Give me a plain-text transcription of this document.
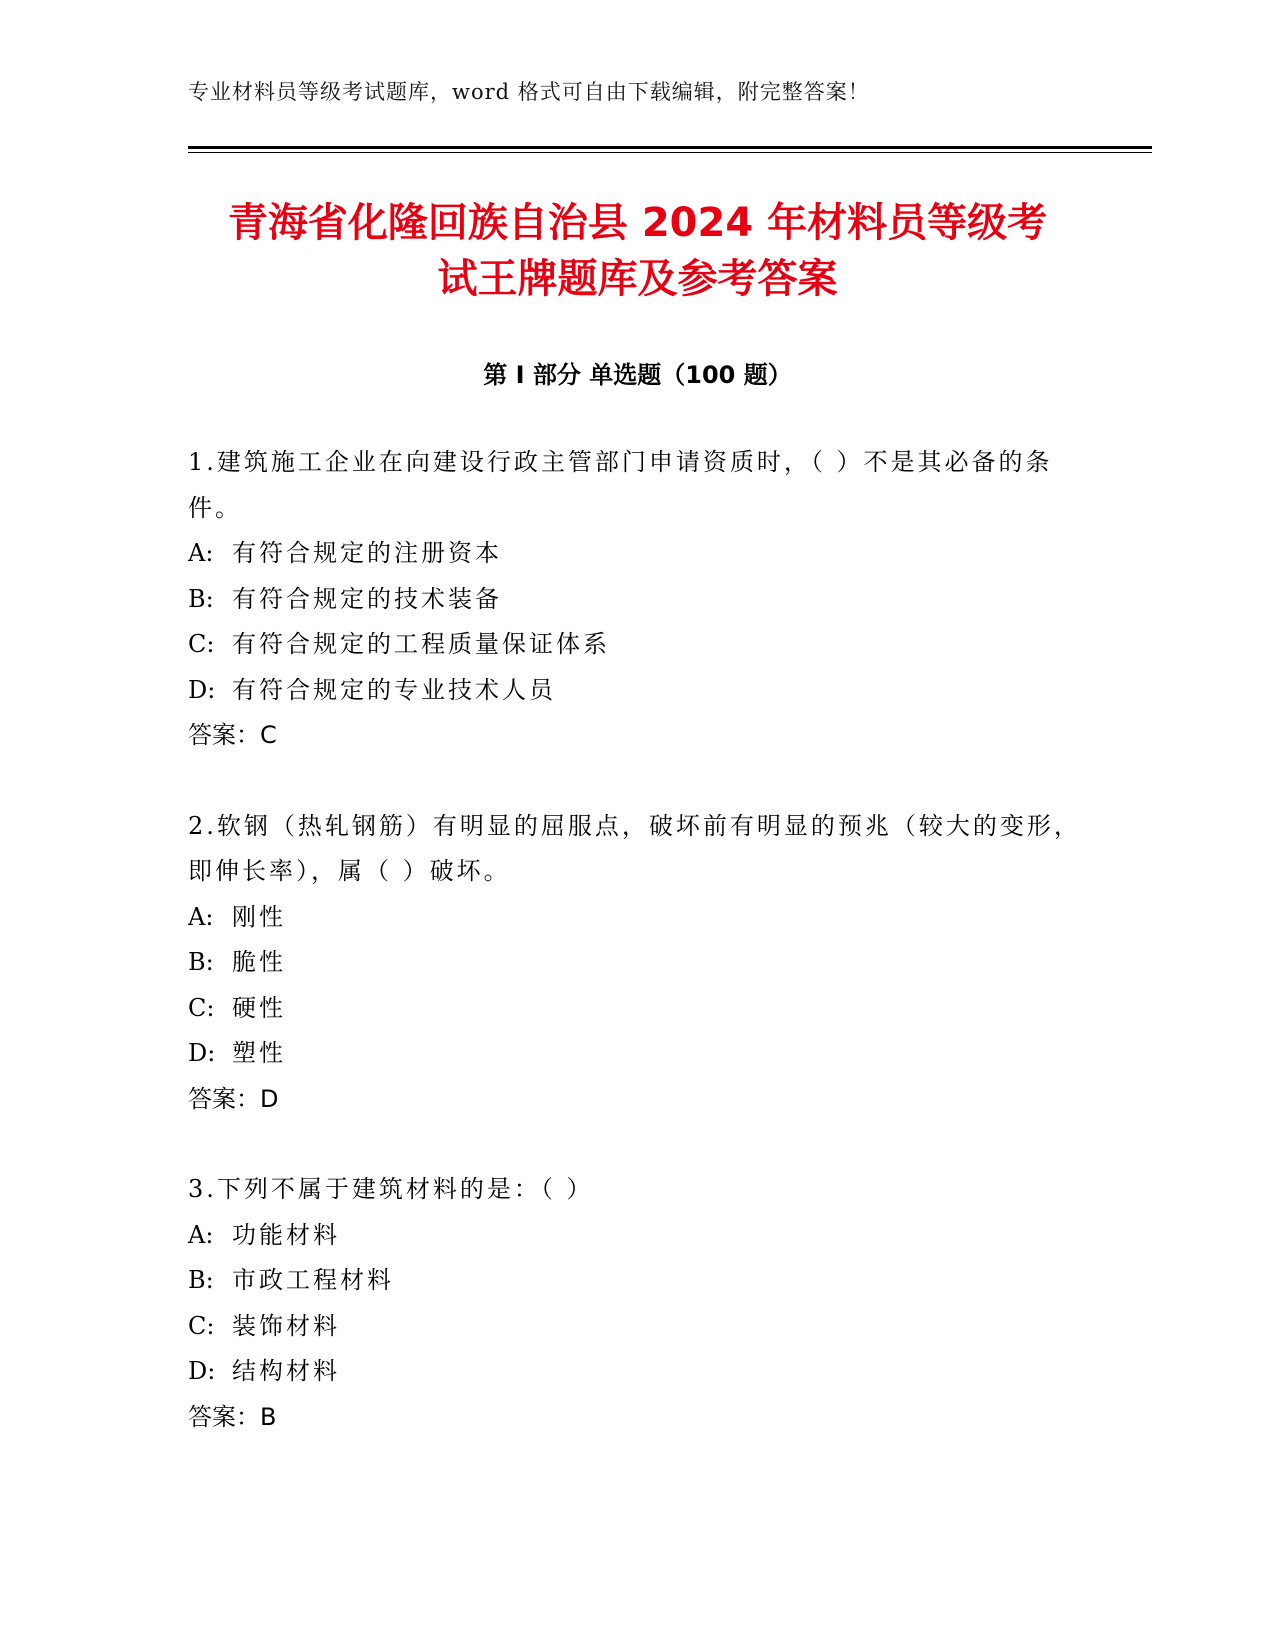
专业材料员等级考试题库，word 格式可自由下载编辑，附完整答案！
青海省化隆回族自治县 2024 年材料员等级考
试王牌题库及参考答案
第 I 部分 单选题（100 题）

1.建筑施工企业在向建设行政主管部门申请资质时，（ ）不是其必备的条件。

A: 有符合规定的注册资本

B: 有符合规定的技术装备

C: 有符合规定的工程质量保证体系

D: 有符合规定的专业技术人员

答案：C

2.软钢（热轧钢筋）有明显的屈服点，破坏前有明显的预兆（较大的变形，即伸长率），属（ ）破坏。

A: 刚性

B: 脆性

C: 硬性

D: 塑性

答案：D

3.下列不属于建筑材料的是：（ ）

A: 功能材料

B: 市政工程材料

C: 装饰材料

D: 结构材料

答案：B
